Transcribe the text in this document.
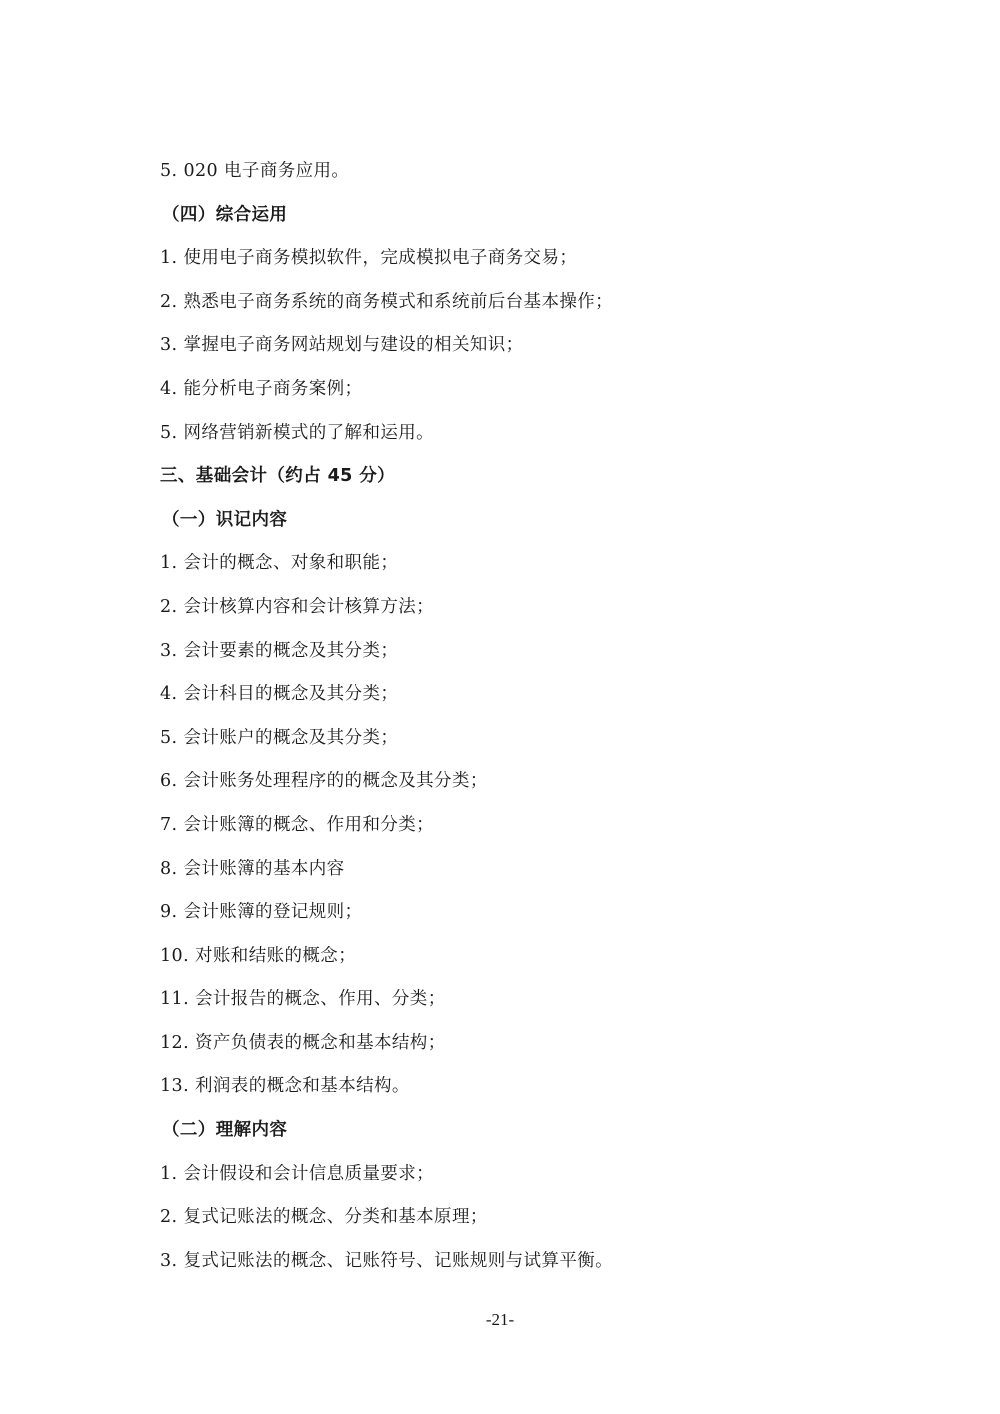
5. 020 电子商务应用。
（四）综合运用
1. 使用电子商务模拟软件，完成模拟电子商务交易；
2. 熟悉电子商务系统的商务模式和系统前后台基本操作；
3. 掌握电子商务网站规划与建设的相关知识；
4. 能分析电子商务案例；
5. 网络营销新模式的了解和运用。
三、基础会计（约占 45 分）
（一）识记内容
1. 会计的概念、对象和职能；
2. 会计核算内容和会计核算方法；
3. 会计要素的概念及其分类；
4. 会计科目的概念及其分类；
5. 会计账户的概念及其分类；
6. 会计账务处理程序的的概念及其分类；
7. 会计账簿的概念、作用和分类；
8. 会计账簿的基本内容
9. 会计账簿的登记规则；
10. 对账和结账的概念；
11. 会计报告的概念、作用、分类；
12. 资产负债表的概念和基本结构；
13. 利润表的概念和基本结构。
（二）理解内容
1. 会计假设和会计信息质量要求；
2. 复式记账法的概念、分类和基本原理；
3. 复式记账法的概念、记账符号、记账规则与试算平衡。
-21-
